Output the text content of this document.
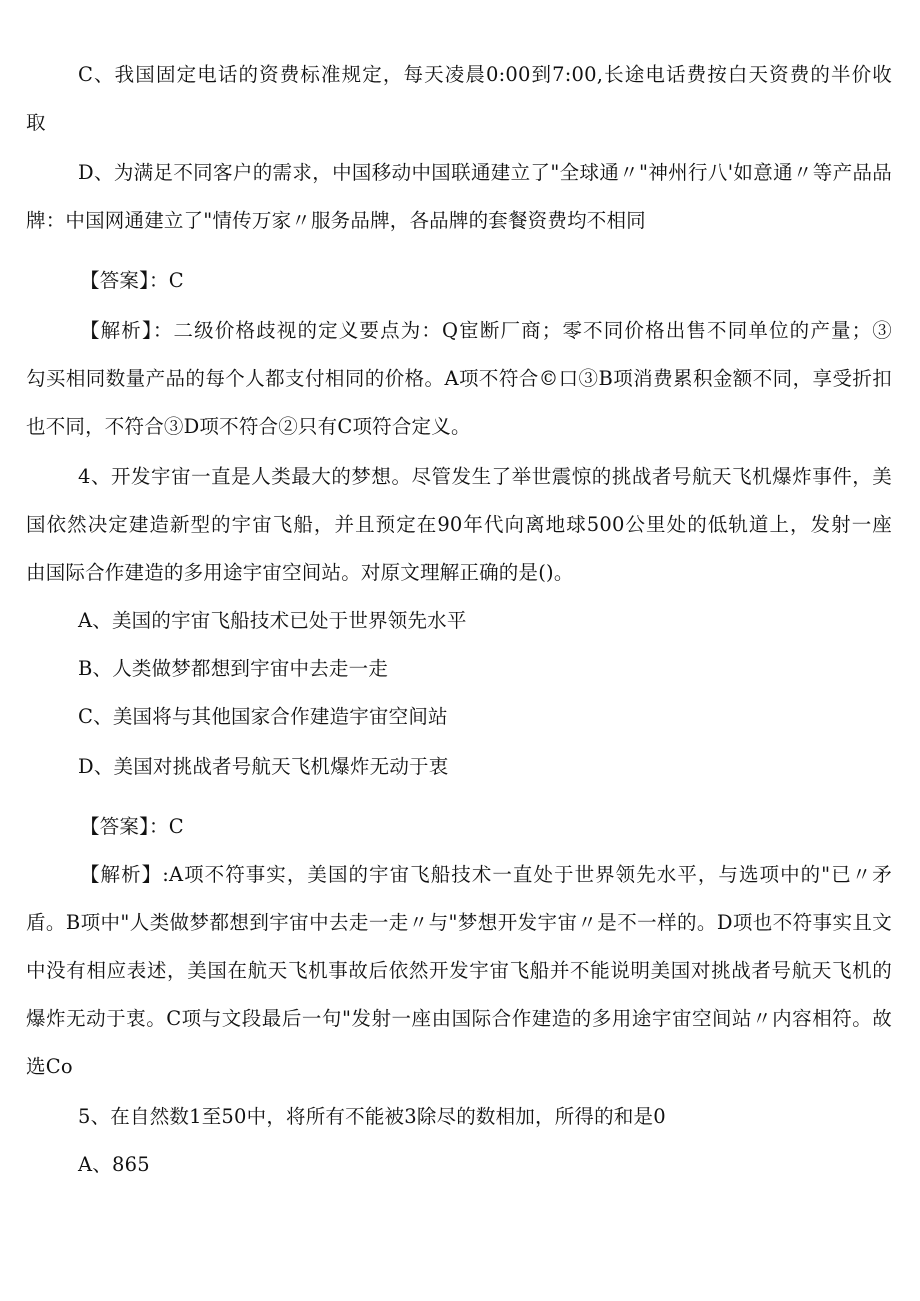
C、我国固定电话的资费标准规定，每天凌晨0:00到7:00,长途电话费按白天资费的半价收
取
D、为满足不同客户的需求，中国移动中国联通建立了"全球通〃"神州行八'如意通〃等产品品
牌：中国网通建立了"情传万家〃服务品牌，各品牌的套餐资费均不相同
【答案】：C
【解析】：二级价格歧视的定义要点为：Q宦断厂商；零不同价格出售不同单位的产量；③
勾买相同数量产品的每个人都支付相同的价格。A项不符合©口③B项消费累积金额不同，享受折扣
也不同，不符合③D项不符合②只有C项符合定义。
4、开发宇宙一直是人类最大的梦想。尽管发生了举世震惊的挑战者号航天飞机爆炸事件，美
国依然决定建造新型的宇宙飞船，并且预定在90年代向离地球500公里处的低轨道上，发射一座
由国际合作建造的多用途宇宙空间站。对原文理解正确的是()。
A、美国的宇宙飞船技术已处于世界领先水平
B、人类做梦都想到宇宙中去走一走
C、美国将与其他国家合作建造宇宙空间站
D、美国对挑战者号航天飞机爆炸无动于衷
【答案】：C
【解析】:A项不符事实，美国的宇宙飞船技术一直处于世界领先水平，与选项中的"已〃矛
盾。B项中"人类做梦都想到宇宙中去走一走〃与"梦想开发宇宙〃是不一样的。D项也不符事实且文
中没有相应表述，美国在航天飞机事故后依然开发宇宙飞船并不能说明美国对挑战者号航天飞机的
爆炸无动于衷。C项与文段最后一句"发射一座由国际合作建造的多用途宇宙空间站〃内容相符。故
选Co
5、在自然数1至50中，将所有不能被3除尽的数相加，所得的和是0
A、865
